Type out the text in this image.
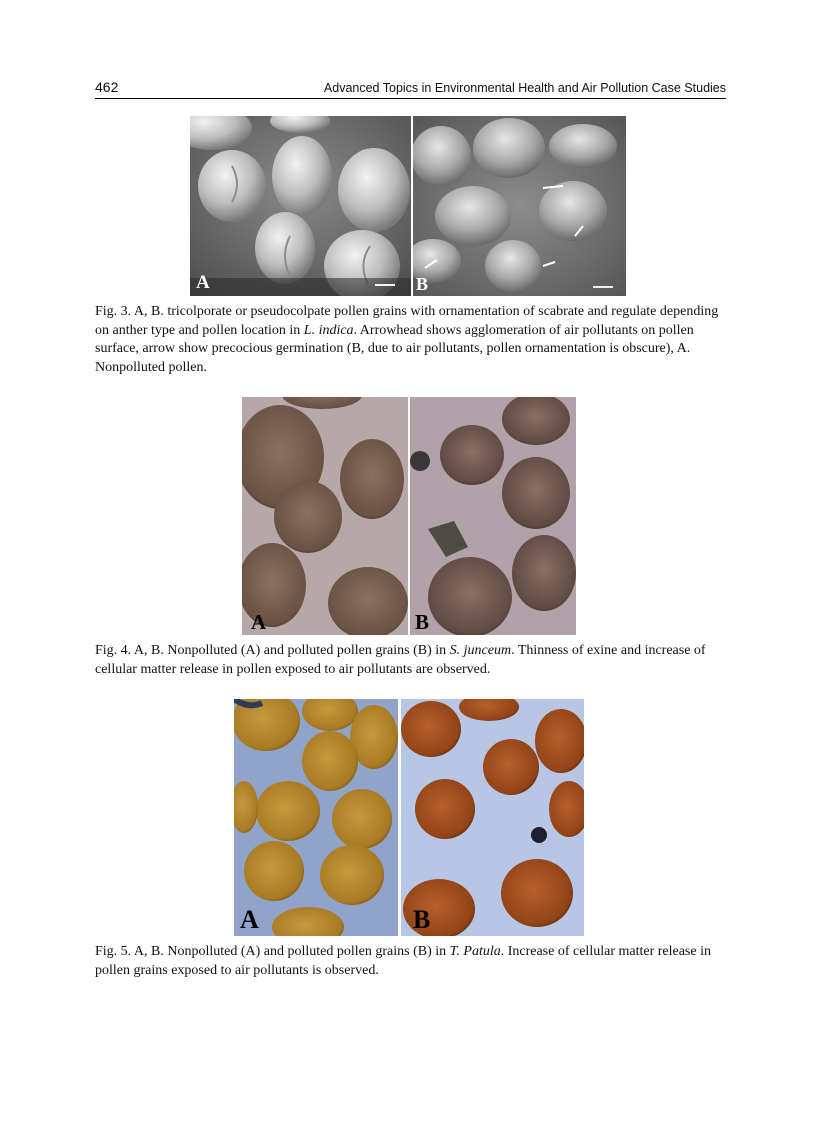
462	Advanced Topics in Environmental Health and Air Pollution Case Studies
A	B
Fig. 3. A, B. tricolporate or pseudocolpate pollen grains with ornamentation of scabrate and regulate depending on anther type and pollen location in L. indica. Arrowhead shows agglomeration of air pollutants on pollen surface, arrow show precocious germination (B, due to air pollutants, pollen ornamentation is obscure), A. Nonpolluted pollen.
A	B
Fig. 4. A, B. Nonpolluted (A) and polluted pollen grains (B) in S. junceum. Thinness of exine and increase of cellular matter release in pollen exposed to air pollutants are observed.
A	B
Fig. 5. A, B. Nonpolluted (A) and polluted pollen grains (B) in T. Patula. Increase of cellular matter release in pollen grains exposed to air pollutants is observed.
